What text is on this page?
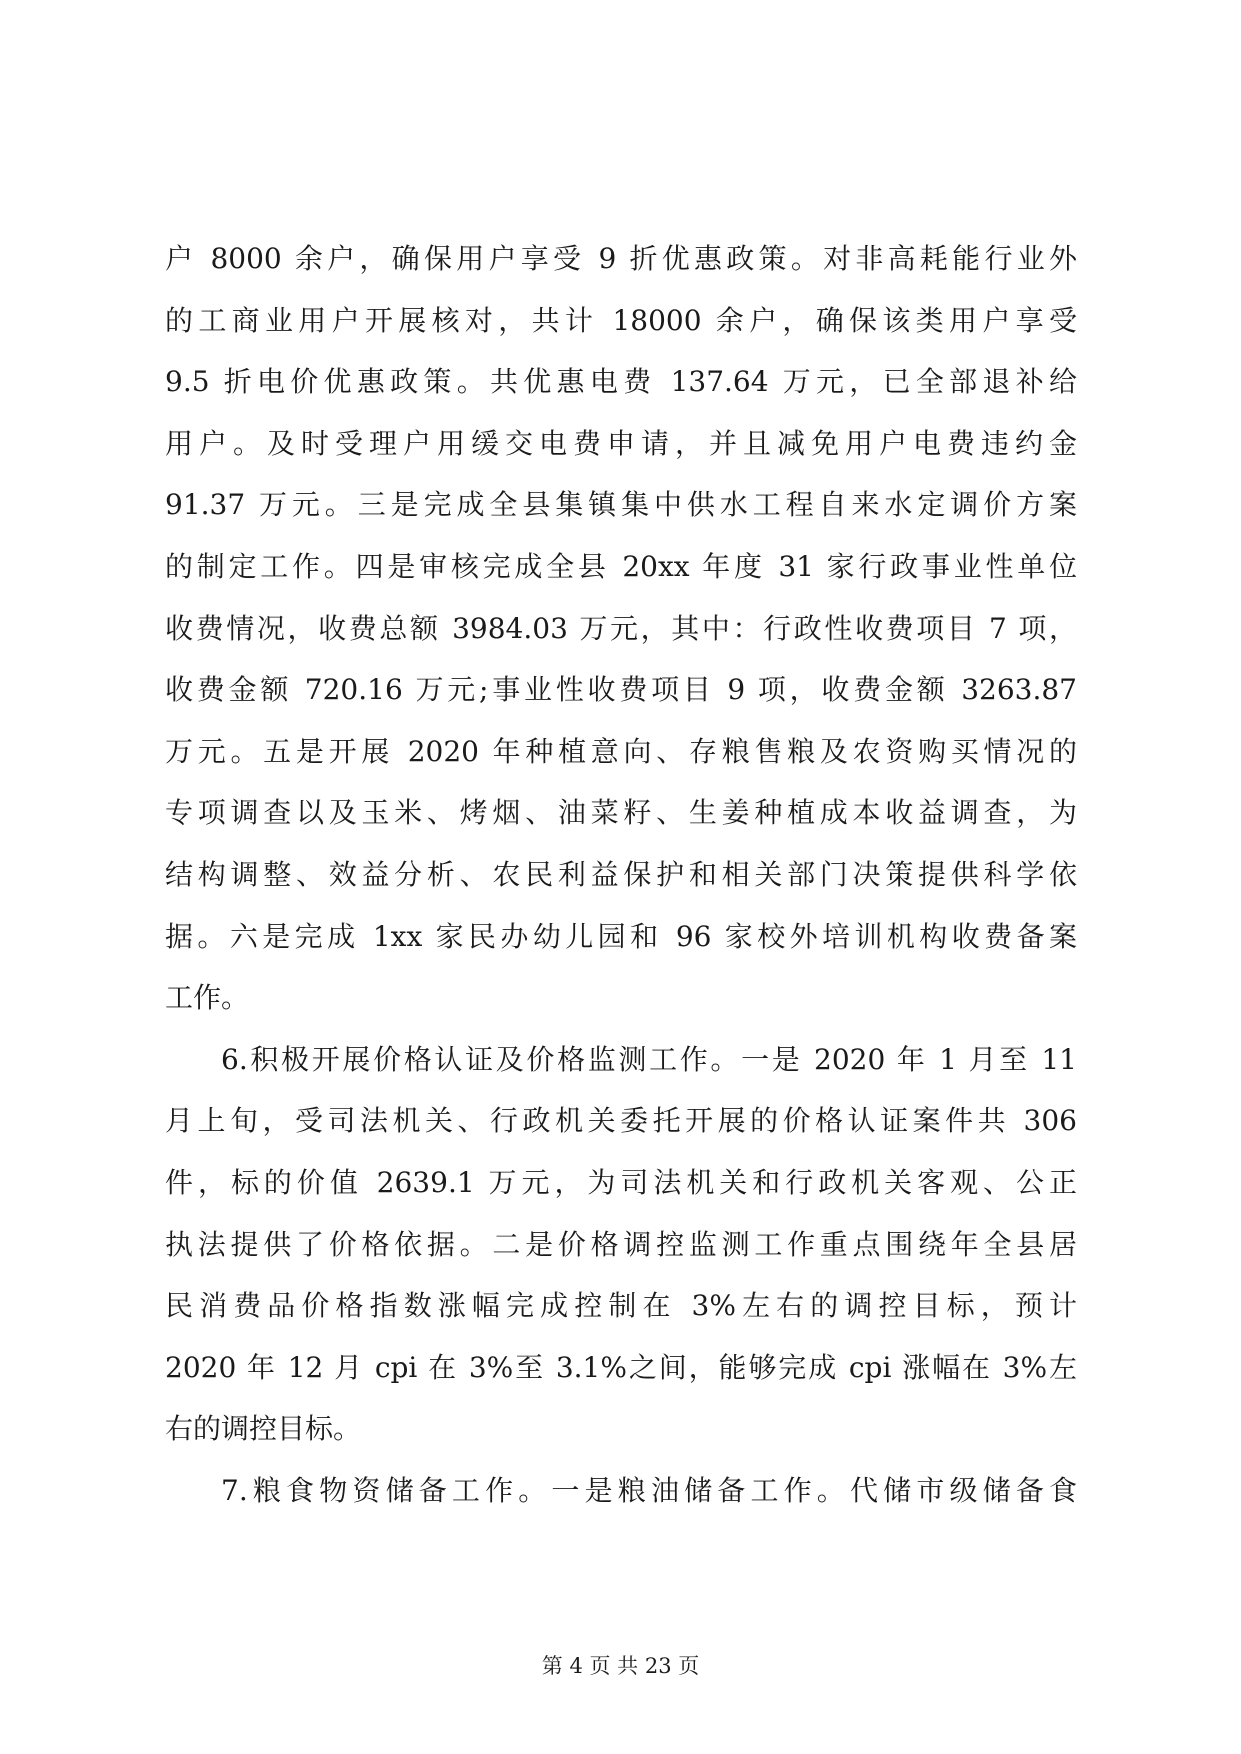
户 8000 余户，确保用户享受 9 折优惠政策。对非高耗能行业外
的工商业用户开展核对，共计 18000 余户，确保该类用户享受
9.5 折电价优惠政策。共优惠电费 137.64 万元，已全部退补给
用户。及时受理户用缓交电费申请，并且减免用户电费违约金
91.37 万元。三是完成全县集镇集中供水工程自来水定调价方案
的制定工作。四是审核完成全县 20xx 年度 31 家行政事业性单位
收费情况，收费总额 3984.03 万元，其中：行政性收费项目 7 项，
收费金额 720.16 万元;事业性收费项目 9 项，收费金额 3263.87
万元。五是开展 2020 年种植意向、存粮售粮及农资购买情况的
专项调查以及玉米、烤烟、油菜籽、生姜种植成本收益调查，为
结构调整、效益分析、农民利益保护和相关部门决策提供科学依
据。六是完成 1xx 家民办幼儿园和 96 家校外培训机构收费备案
工作。
6.积极开展价格认证及价格监测工作。一是 2020 年 1 月至 11
月上旬，受司法机关、行政机关委托开展的价格认证案件共 306
件，标的价值 2639.1 万元，为司法机关和行政机关客观、公正
执法提供了价格依据。二是价格调控监测工作重点围绕年全县居
民消费品价格指数涨幅完成控制在 3%左右的调控目标，预计
2020 年 12 月 cpi 在 3%至 3.1%之间，能够完成 cpi 涨幅在 3%左
右的调控目标。
7.粮食物资储备工作。一是粮油储备工作。代储市级储备食
第 4 页 共 23 页
